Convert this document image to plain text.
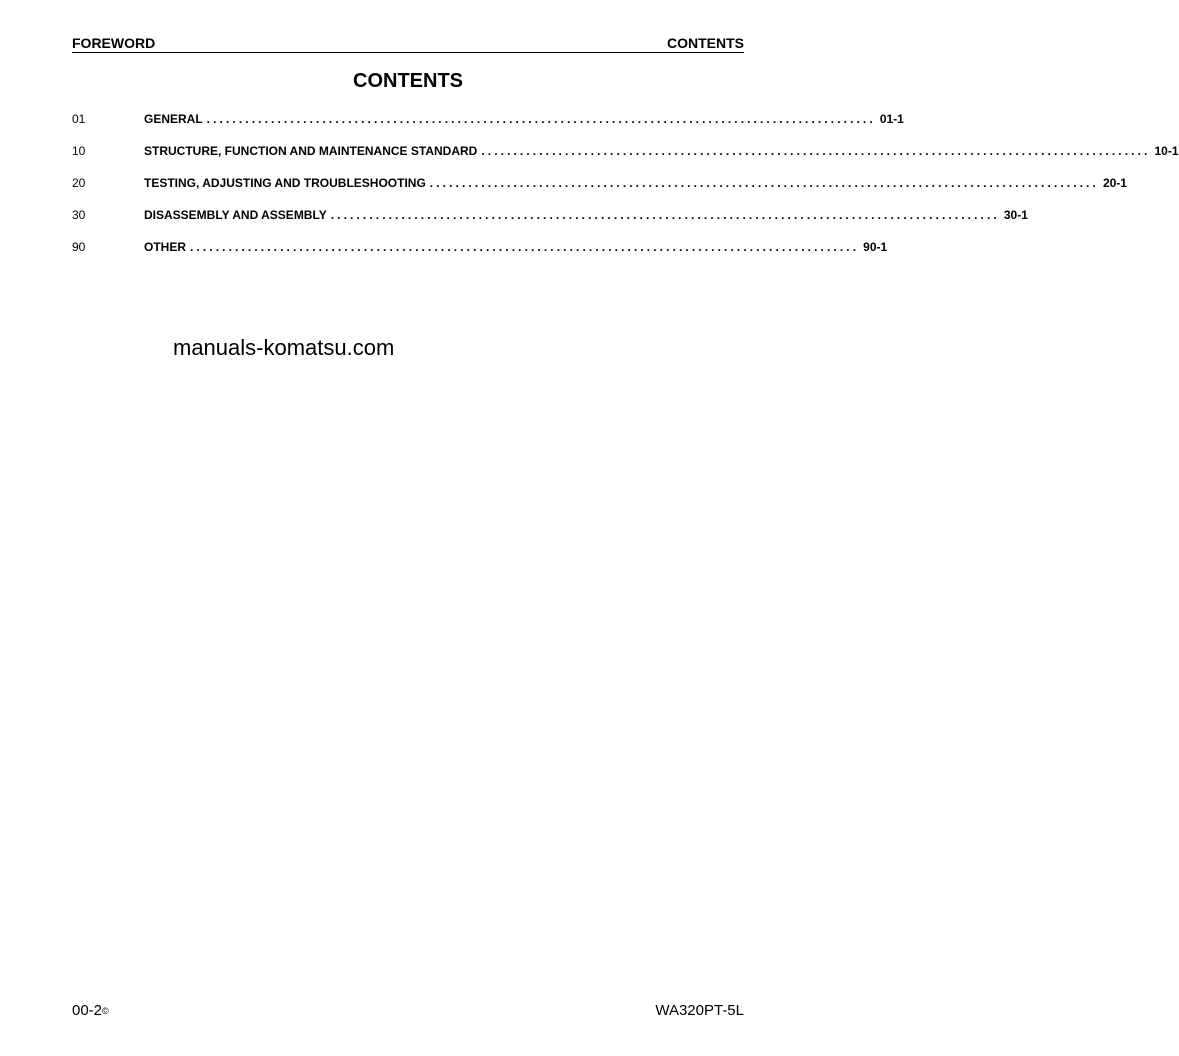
FOREWORD	CONTENTS
CONTENTS
01	GENERAL ........................................................................................................ 01-1
10	STRUCTURE, FUNCTION AND MAINTENANCE STANDARD ........................................................................................................ 10-1
20	TESTING, ADJUSTING AND TROUBLESHOOTING ........................................................................................................ 20-1
30	DISASSEMBLY AND ASSEMBLY ........................................................................................................ 30-1
90	OTHER ........................................................................................................ 90-1
manuals-komatsu.com
00-2©	WA320PT-5L
